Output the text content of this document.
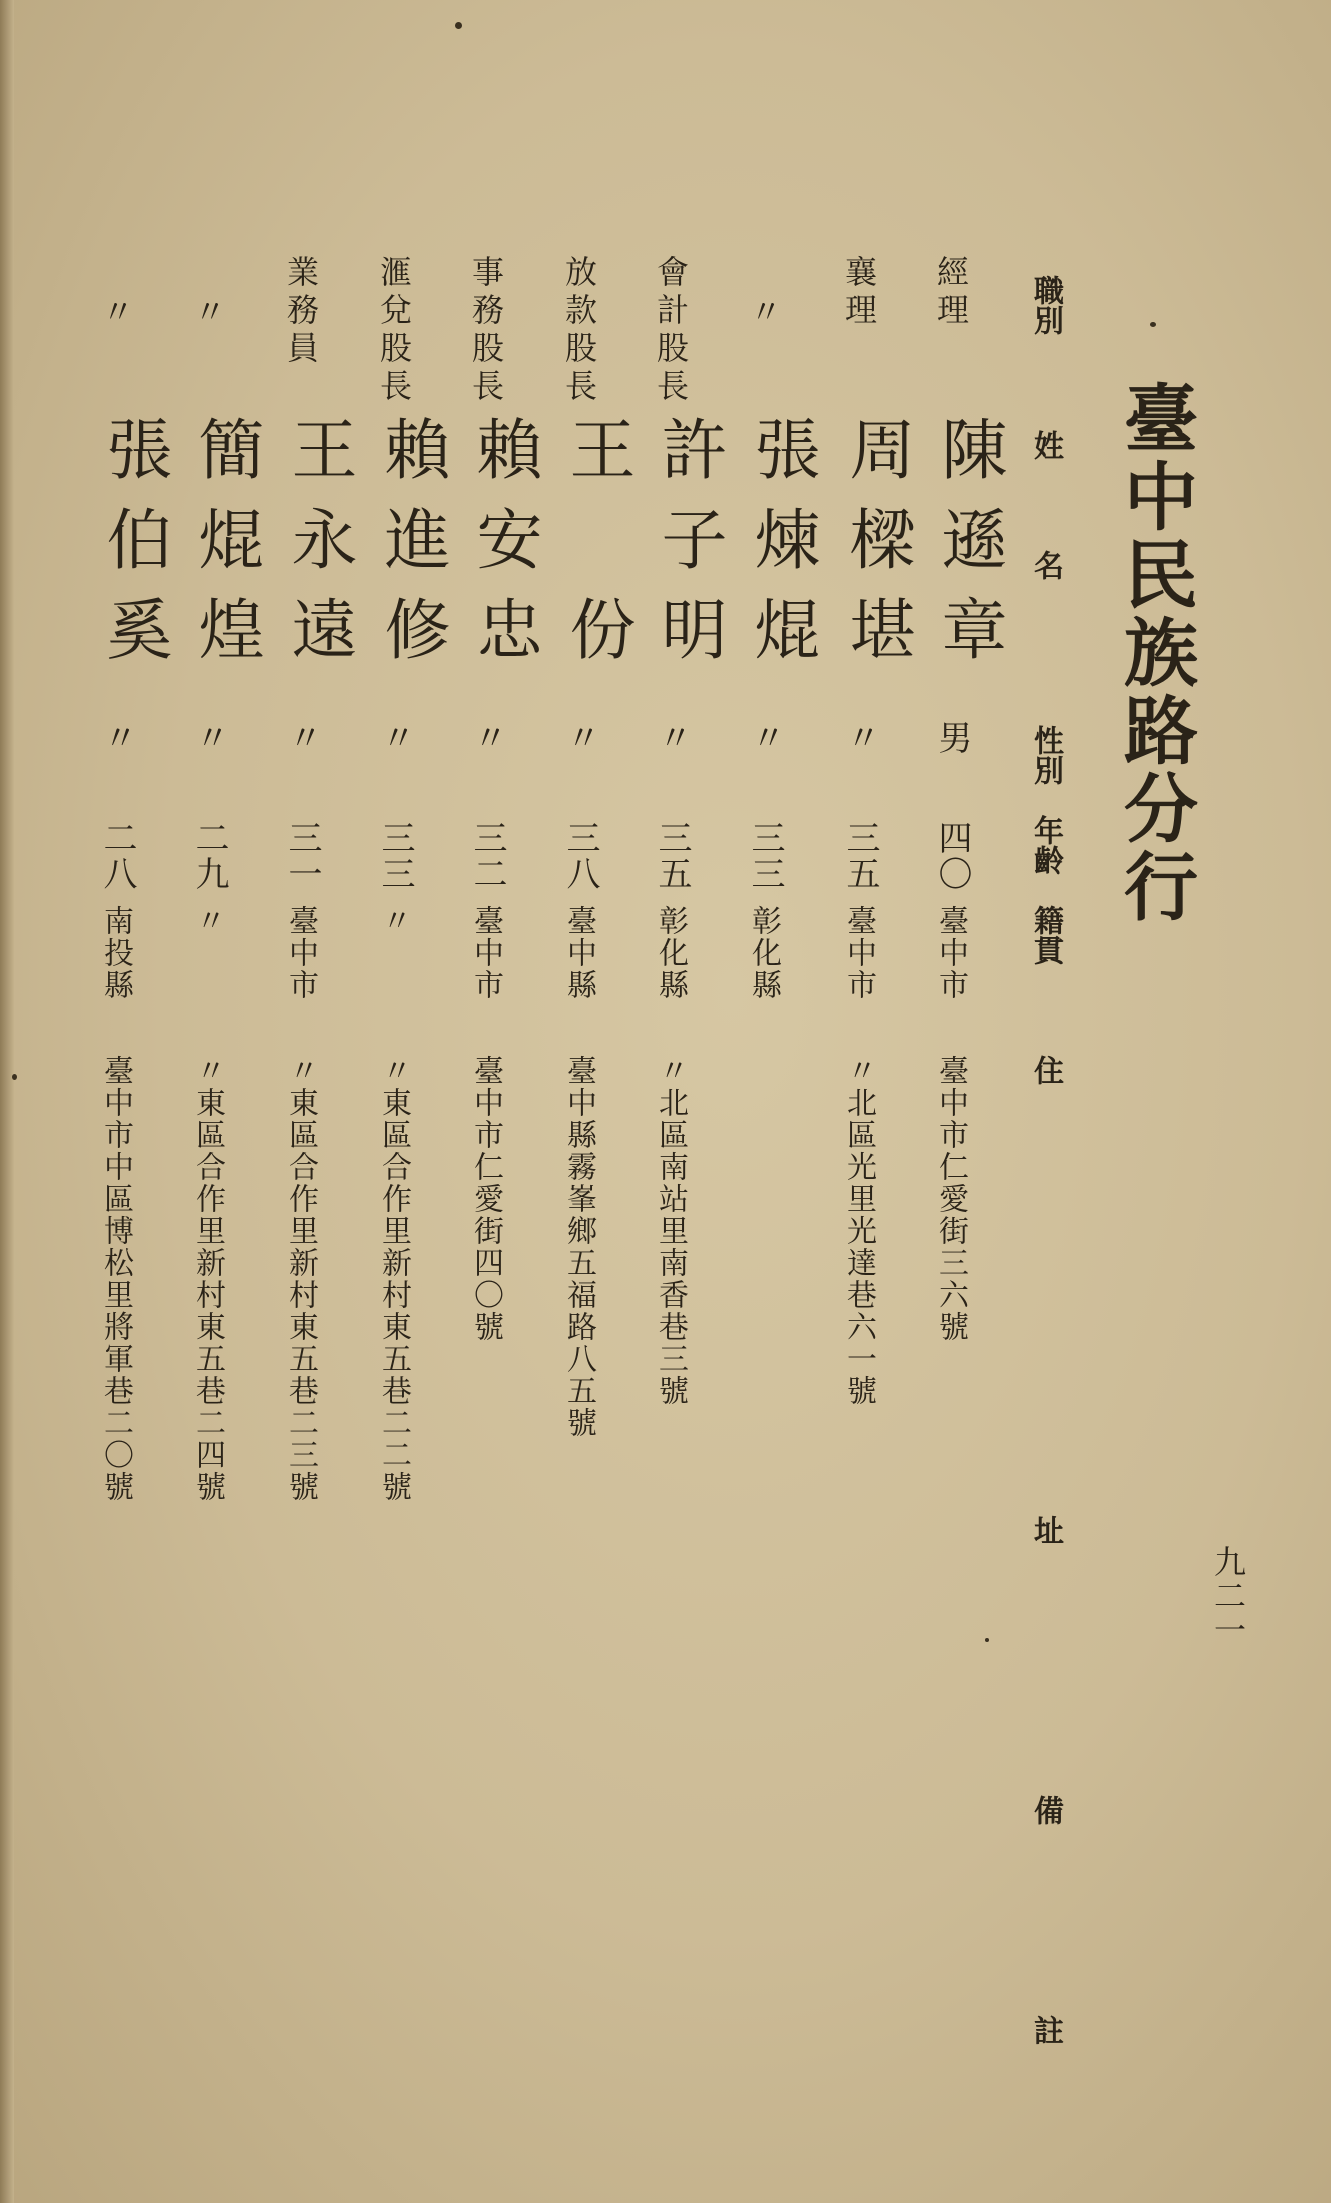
臺中民族路分行
九二一
職別
姓　名
性別
年齡
籍貫
住　址
備　註
經理
陳遜章
男
四〇
臺中市
臺中市仁愛街三六號
襄理
周樑堪
〃
三五
臺中市
〃北區光里光達巷六一號
〃
張煉焜
〃
三三
彰化縣
會計股長
許子明
〃
三五
彰化縣
〃北區南站里南香巷三號
放款股長
王　份
〃
三八
臺中縣
臺中縣霧峯鄉五福路八五號
事務股長
賴安忠
〃
三二
臺中市
臺中市仁愛街四〇號
滙兌股長
賴進修
〃
三三
〃
〃東區合作里新村東五巷二二號
業務員
王永遠
〃
三一
臺中市
〃東區合作里新村東五巷二三號
〃
簡焜煌
〃
二九
〃
〃東區合作里新村東五巷二四號
〃
張伯奚
〃
二八
南投縣
臺中市中區博松里將軍巷二〇號
